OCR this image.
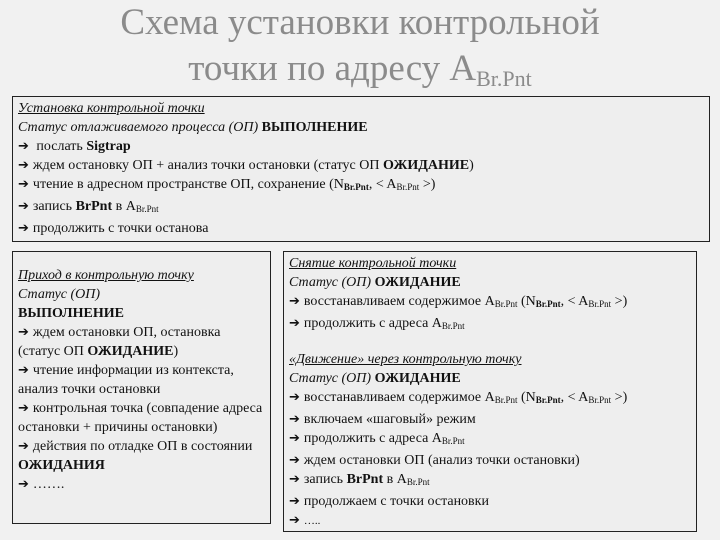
Схема установки контрольной
точки по адресу $A_{Br.Pnt}$

Установка контрольной точки

Статус отлаживаемого процесса (ОП) ВЫПОЛНЕНИЕ

➔ послать Sigtrap

➔ ждем остановку ОП + анализ точки остановки (статус ОП ОЖИДАНИЕ)

➔ чтение в адресном пространстве ОП, сохранение ($N_{Br.Pnt}$, < $A_{Br.Pnt}$ >)

➔ запись BrPnt в $A_{Br.Pnt}$

➔ продолжить с точки останова

Приход в контрольную точку

Статус (ОП)

ВЫПОЛНЕНИЕ

➔ ждем остановки ОП, остановка (статус ОП ОЖИДАНИЕ)

➔ чтение информации из контекста, анализ точки остановки

➔ контрольная точка (совпадение адреса остановки + причины остановки)

➔ действия по отладке ОП в состоянии ОЖИДАНИЯ

➔ …….

Снятие контрольной точки

Статус (ОП) ОЖИДАНИЕ

➔ восстанавливаем содержимое $A_{Br.Pnt}$ ($N_{Br.Pnt}$, < $A_{Br.Pnt}$ >)

➔ продолжить с адреса $A_{Br.Pnt}$

«Движение» через контрольную точку

Статус (ОП) ОЖИДАНИЕ

➔ восстанавливаем содержимое $A_{Br.Pnt}$ ($N_{Br.Pnt}$, < $A_{Br.Pnt}$ >)

➔ включаем «шаговый» режим

➔ продолжить с адреса $A_{Br.Pnt}$

➔ ждем остановки ОП (анализ точки остановки)

➔ запись BrPnt в $A_{Br.Pnt}$

➔ продолжаем с точки остановки

➔ …..
